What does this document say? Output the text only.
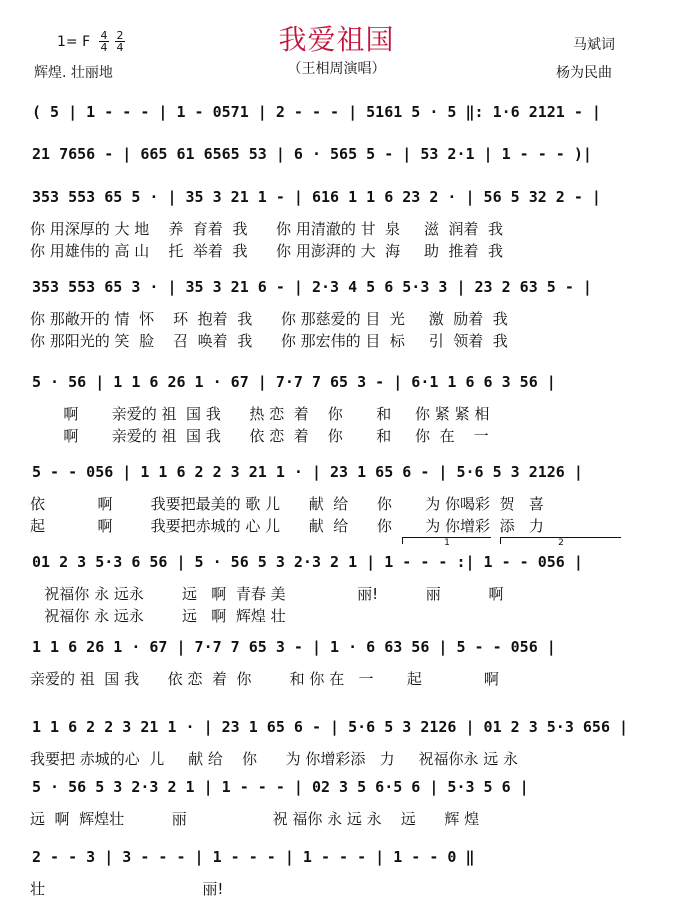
我爱祖国
（王相周演唱）
1= F 4
4
2
4
辉煌. 壮丽地
马斌词
杨为民曲
( 5 | 1 - - - | 1 - 0571 | 2 - - - | 5161 5 · 5 ‖: 1·6 2121 - |
21 7656 - | 665 61 6565 53 | 6 · 565 5 - | 53 2·1 | 1 - - - )|
353 553 65 5 · | 35 3 21 1 - | 616 1 1 6 23 2 · | 56 5 32 2 - |
你 用深厚的 大 地    养  育着  我      你 用清澈的 甘  泉     滋  润着  我
你 用雄伟的 高 山    托  举着  我      你 用澎湃的 大  海     助  推着  我
353 553 65 3 · | 35 3 21 6 - | 2·3 4 5 6 5·3 3 | 23 2 63 5 - |
你 那敞开的 情  怀    环  抱着  我      你 那慈爱的 目  光     激  励着  我
你 那阳光的 笑  脸    召  唤着  我      你 那宏伟的 目  标     引  领着  我
5 · 56 | 1 1 6 26 1 · 67 | 7·7 7 65 3 - | 6·1 1 6 6 3 56 |
啊       亲爱的 祖  国 我      热 恋  着    你       和     你 紧 紧 相
啊       亲爱的 祖  国 我      依 恋  着    你       和     你  在    一
5 - - 056 | 1 1 6 2 2 3 21 1 · | 23 1 65 6 - | 5·6 5 3 2126 |
依           啊        我要把最美的 歌 儿      献  给      你       为 你喝彩  贺   喜
起           啊        我要把赤城的 心 儿      献  给      你       为 你增彩  添   力
01 2 3 5·3 6 56 | 5 · 56 5 3 2·3 2 1 | 1 - - - :| 1 - - 056 |
祝福你 永 远永        远   啊  青春 美               丽!          丽          啊
祝福你 永 远永        远   啊  辉煌 壮
1	2
1 1 6 26 1 · 67 | 7·7 7 65 3 - | 1 · 6 63 56 | 5 - - 056 |
亲爱的 祖  国 我      依 恋  着  你        和 你 在   一       起             啊
1 1 6 2 2 3 21 1 · | 23 1 65 6 - | 5·6 5 3 2126 | 01 2 3 5·3 656 |
我要把 赤城的心  儿     献 给    你      为 你增彩添   力     祝福你永 远 永
5 · 56 5 3 2·3 2 1 | 1 - - - | 02 3 5 6·5 6 | 5·3 5 6 |
远  啊  辉煌壮          丽                  祝 福你 永 远 永    远      辉 煌
2 - - 3 | 3 - - - | 1 - - - | 1 - - - | 1 - - 0 ‖
壮                                 丽!
